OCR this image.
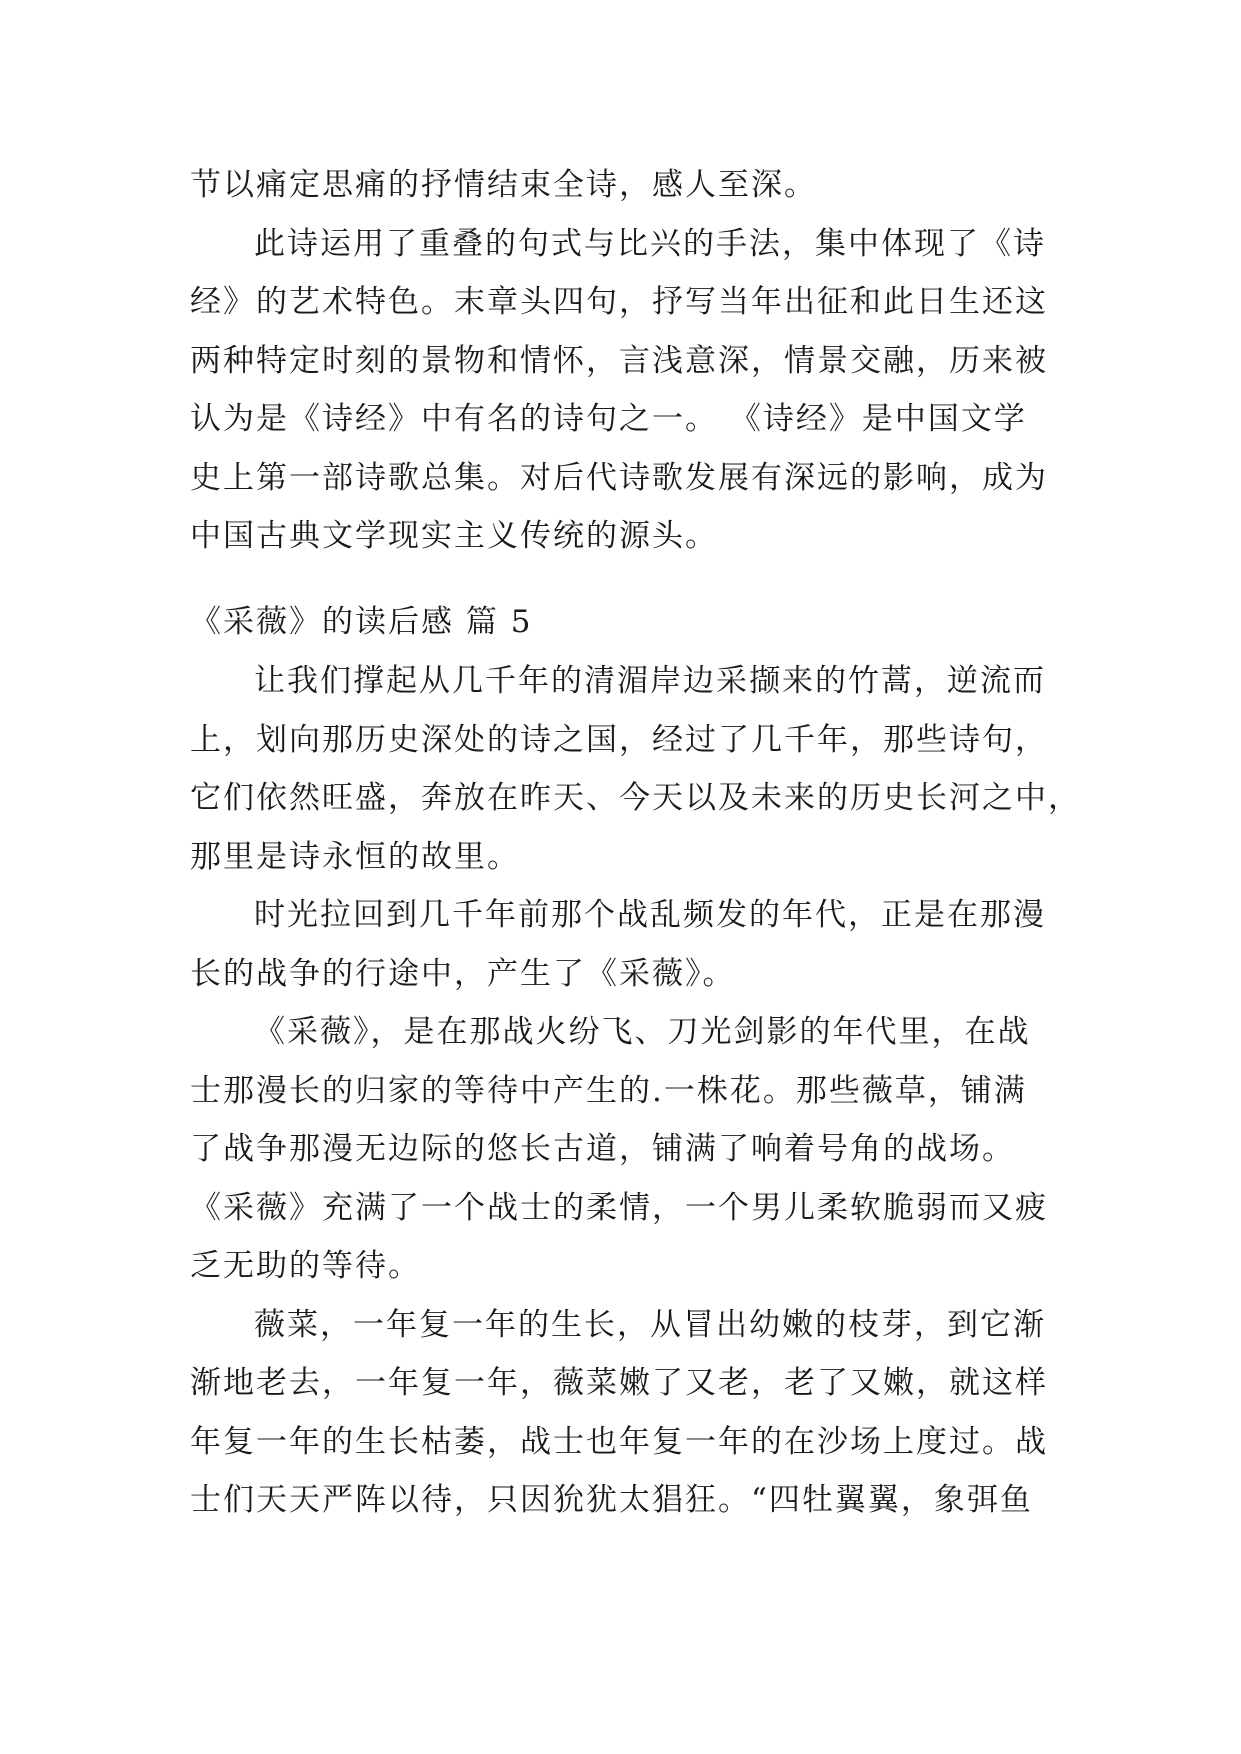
节以痛定思痛的抒情结束全诗，感人至深。
此诗运用了重叠的句式与比兴的手法，集中体现了《诗
经》的艺术特色。末章头四句，抒写当年出征和此日生还这
两种特定时刻的景物和情怀，言浅意深，情景交融，历来被
认为是《诗经》中有名的诗句之一。 《诗经》是中国文学
史上第一部诗歌总集。对后代诗歌发展有深远的影响，成为
中国古典文学现实主义传统的源头。
《采薇》的读后感 篇 5
让我们撑起从几千年的清湄岸边采撷来的竹蒿，逆流而
上，划向那历史深处的诗之国，经过了几千年，那些诗句，
它们依然旺盛，奔放在昨天、今天以及未来的历史长河之中，
那里是诗永恒的故里。
时光拉回到几千年前那个战乱频发的年代，正是在那漫
长的战争的行途中，产生了《采薇》。
《采薇》，是在那战火纷飞、刀光剑影的年代里，在战
士那漫长的归家的等待中产生的.一株花。那些薇草，铺满
了战争那漫无边际的悠长古道，铺满了响着号角的战场。
《采薇》充满了一个战士的柔情，一个男儿柔软脆弱而又疲
乏无助的等待。
薇菜，一年复一年的生长，从冒出幼嫩的枝芽，到它渐
渐地老去，一年复一年，薇菜嫩了又老，老了又嫩，就这样
年复一年的生长枯萎，战士也年复一年的在沙场上度过。战
士们天天严阵以待，只因狁犹太猖狂。“四牡翼翼，象弭鱼
